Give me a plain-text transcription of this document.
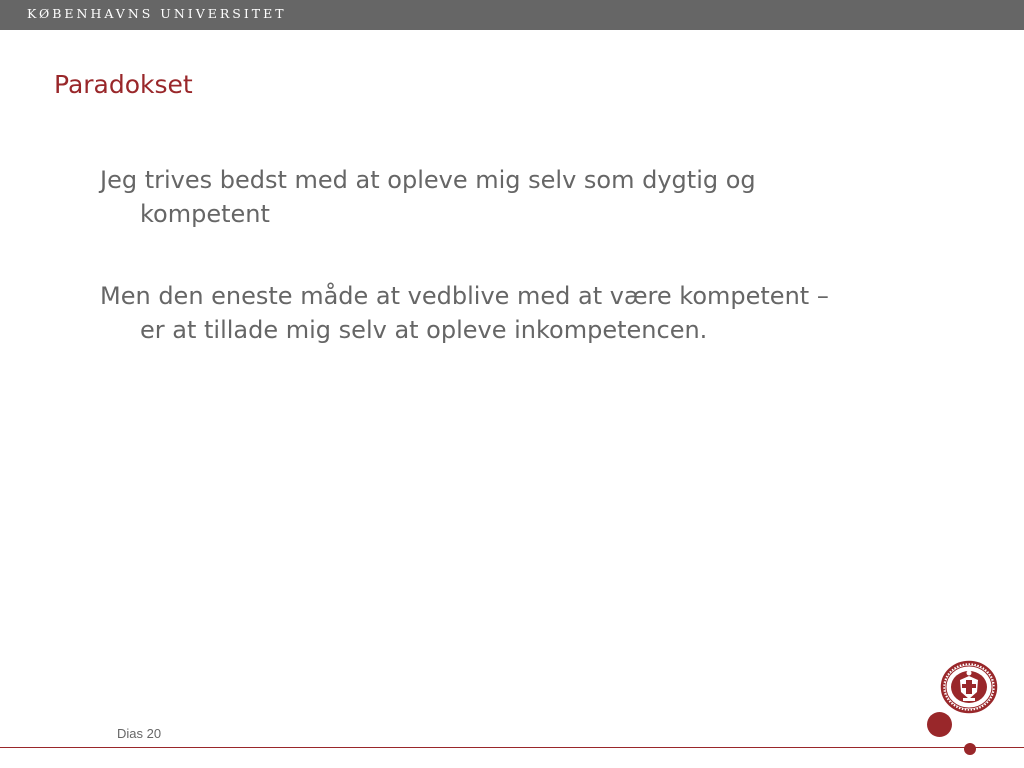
KØBENHAVNS UNIVERSITET
Paradokset

Jeg trives bedst med at opleve mig selv som dygtig og kompetent

Men den eneste måde at vedblive med at være kompetent – er at tillade mig selv at opleve inkompetencen.

Dias 20
